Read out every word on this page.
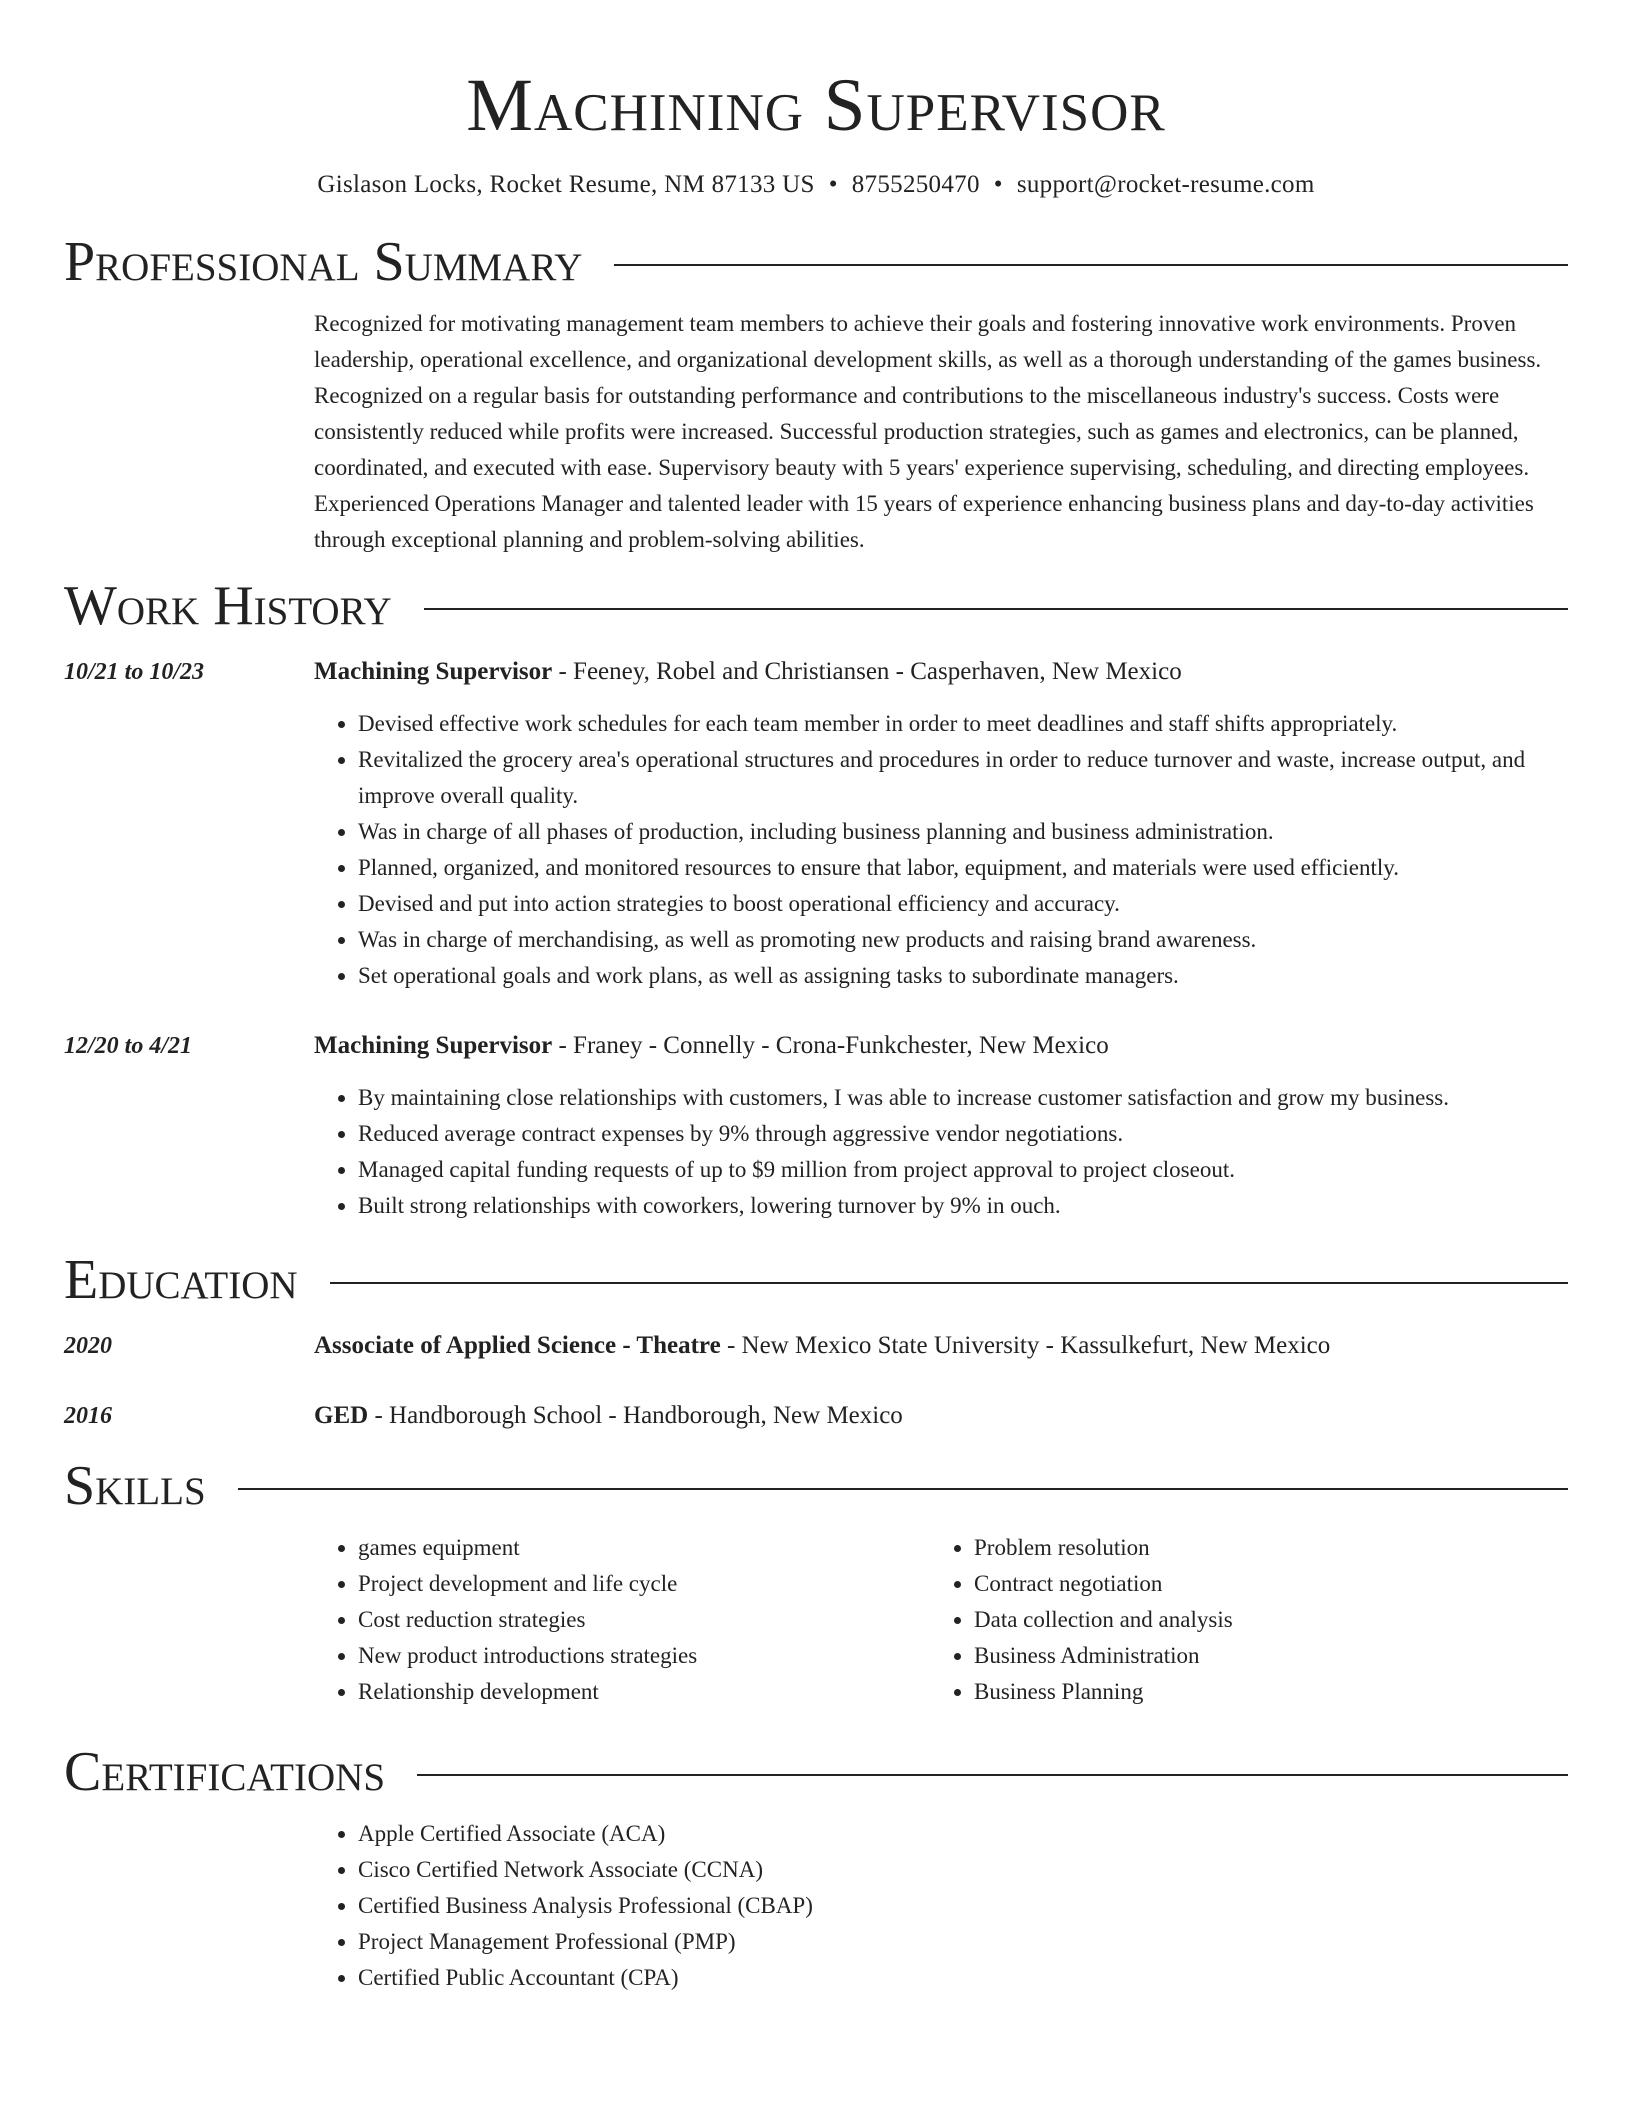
Machining Supervisor
Gislason Locks, Rocket Resume, NM 87133 US • 8755250470 • support@rocket-resume.com
Professional Summary
Recognized for motivating management team members to achieve their goals and fostering innovative work environments. Proven leadership, operational excellence, and organizational development skills, as well as a thorough understanding of the games business. Recognized on a regular basis for outstanding performance and contributions to the miscellaneous industry's success. Costs were consistently reduced while profits were increased. Successful production strategies, such as games and electronics, can be planned, coordinated, and executed with ease. Supervisory beauty with 5 years' experience supervising, scheduling, and directing employees. Experienced Operations Manager and talented leader with 15 years of experience enhancing business plans and day-to-day activities through exceptional planning and problem-solving abilities.
Work History
10/21 to 10/23	Machining Supervisor - Feeney, Robel and Christiansen - Casperhaven, New Mexico
• Devised effective work schedules for each team member in order to meet deadlines and staff shifts appropriately.
• Revitalized the grocery area's operational structures and procedures in order to reduce turnover and waste, increase output, and improve overall quality.
• Was in charge of all phases of production, including business planning and business administration.
• Planned, organized, and monitored resources to ensure that labor, equipment, and materials were used efficiently.
• Devised and put into action strategies to boost operational efficiency and accuracy.
• Was in charge of merchandising, as well as promoting new products and raising brand awareness.
• Set operational goals and work plans, as well as assigning tasks to subordinate managers.
12/20 to 4/21	Machining Supervisor - Franey - Connelly - Crona-Funkchester, New Mexico
• By maintaining close relationships with customers, I was able to increase customer satisfaction and grow my business.
• Reduced average contract expenses by 9% through aggressive vendor negotiations.
• Managed capital funding requests of up to $9 million from project approval to project closeout.
• Built strong relationships with coworkers, lowering turnover by 9% in ouch.
Education
2020	Associate of Applied Science - Theatre - New Mexico State University - Kassulkefurt, New Mexico
2016	GED - Handborough School - Handborough, New Mexico
Skills
• games equipment
• Project development and life cycle
• Cost reduction strategies
• New product introductions strategies
• Relationship development
• Problem resolution
• Contract negotiation
• Data collection and analysis
• Business Administration
• Business Planning
Certifications
• Apple Certified Associate (ACA)
• Cisco Certified Network Associate (CCNA)
• Certified Business Analysis Professional (CBAP)
• Project Management Professional (PMP)
• Certified Public Accountant (CPA)
